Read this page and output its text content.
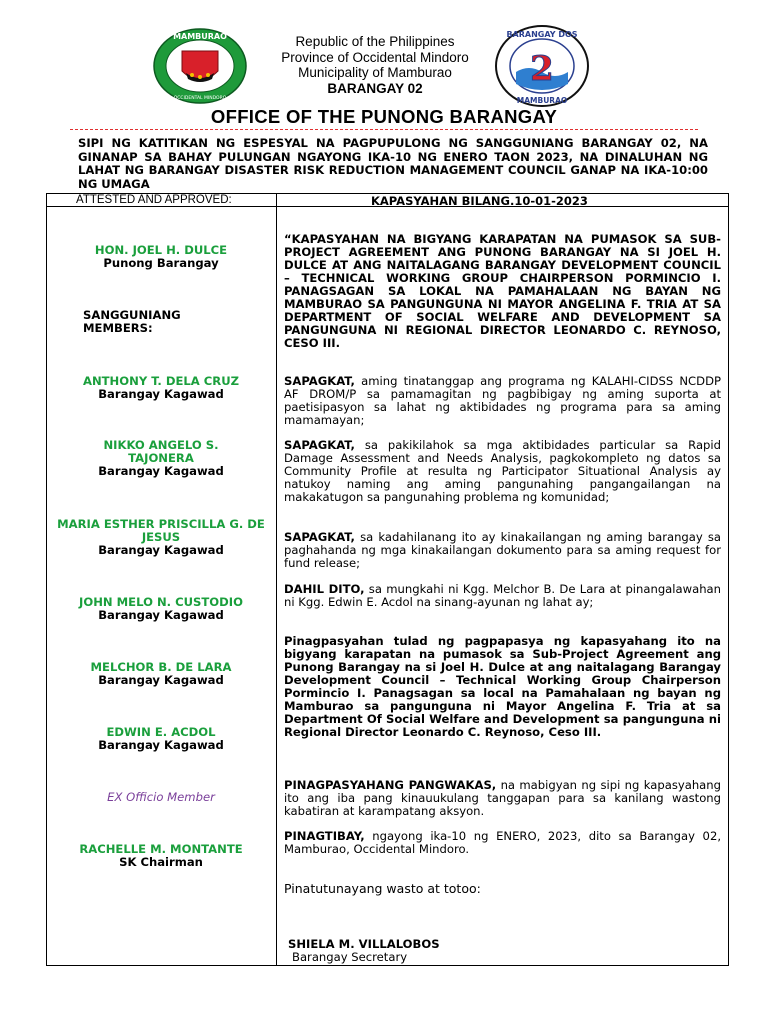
MAMBURAO
OCCIDENTAL MINDORO
Republic of the Philippines
Province of Occidental Mindoro
Municipality of Mamburao
BARANGAY 02	2
BARANGAY DOS
MAMBURAO
OFFICE OF THE PUNONG BARANGAY
SIPI NG KATITIKAN NG ESPESYAL NA PAGPUPULONG NG SANGGUNIANG BARANGAY 02, NA GINANAP SA BAHAY PULUNGAN NGAYONG IKA-10 NG ENERO TAON 2023, NA DINALUHAN NG LAHAT NG BARANGAY DISASTER RISK REDUCTION MANAGEMENT COUNCIL GANAP NA IKA-10:00 NG UMAGA
ATTESTED AND APPROVED:	KAPASYAHAN BILANG.10-01-2023
HON. JOEL H. DULCE
Punong Barangay
SANGGUNIANG MEMBERS:
ANTHONY T. DELA CRUZ
Barangay Kagawad
NIKKO ANGELO S. TAJONERA
Barangay Kagawad
MARIA ESTHER PRISCILLA G. DE JESUS
Barangay Kagawad
JOHN MELO N. CUSTODIO
Barangay Kagawad
MELCHOR B. DE LARA
Barangay Kagawad
EDWIN E. ACDOL
Barangay Kagawad
EX Officio Member
RACHELLE M. MONTANTE
SK Chairman
“KAPASYAHAN NA BIGYANG KARAPATAN NA PUMASOK SA SUB-PROJECT AGREEMENT ANG PUNONG BARANGAY NA SI JOEL H. DULCE AT ANG NAITALAGANG BARANGAY DEVELOPMENT COUNCIL – TECHNICAL WORKING GROUP CHAIRPERSON PORMINCIO I. PANAGSAGAN SA LOKAL NA PAMAHALAAN NG BAYAN NG MAMBURAO SA PANGUNGUNA NI MAYOR ANGELINA F. TRIA AT SA DEPARTMENT OF SOCIAL WELFARE AND DEVELOPMENT SA PANGUNGUNA NI REGIONAL DIRECTOR LEONARDO C. REYNOSO, CESO III.
SAPAGKAT, aming tinatanggap ang programa ng KALAHI-CIDSS NCDDP AF DROM/P sa pamamagitan ng pagbibigay ng aming suporta at paetisipasyon sa lahat ng aktibidades ng programa para sa aming mamamayan;
SAPAGKAT, sa pakikilahok sa mga aktibidades particular sa Rapid Damage Assessment and Needs Analysis, pagkokompleto ng datos sa Community Profile at resulta ng Participator Situational Analysis ay natukoy naming ang aming pangunahing pangangailangan na makakatugon sa pangunahing problema ng komunidad;
SAPAGKAT, sa kadahilanang ito ay kinakailangan ng aming barangay sa paghahanda ng mga kinakailangan dokumento para sa aming request for fund release;
DAHIL DITO, sa mungkahi ni Kgg. Melchor B. De Lara at pinangalawahan ni Kgg. Edwin E. Acdol na sinang-ayunan ng lahat ay;
Pinagpasyahan tulad ng pagpapasya ng kapasyahang ito na bigyang karapatan na pumasok sa Sub-Project Agreement ang Punong Barangay na si Joel H. Dulce at ang naitalagang Barangay Development Council – Technical Working Group Chairperson Pormincio I. Panagsagan sa local na Pamahalaan ng bayan ng Mamburao sa pangunguna ni Mayor Angelina F. Tria at sa Department Of Social Welfare and Development sa pangunguna ni Regional Director Leonardo C. Reynoso, Ceso III.
PINAGPASYAHANG PANGWAKAS, na mabigyan ng sipi ng kapasyahang ito ang iba pang kinauukulang tanggapan para sa kanilang wastong kabatiran at karampatang aksyon.
PINAGTIBAY, ngayong ika-10 ng ENERO, 2023, dito sa Barangay 02, Mamburao, Occidental Mindoro.
Pinatutunayang wasto at totoo:
SHIELA M. VILLALOBOS
Barangay Secretary
